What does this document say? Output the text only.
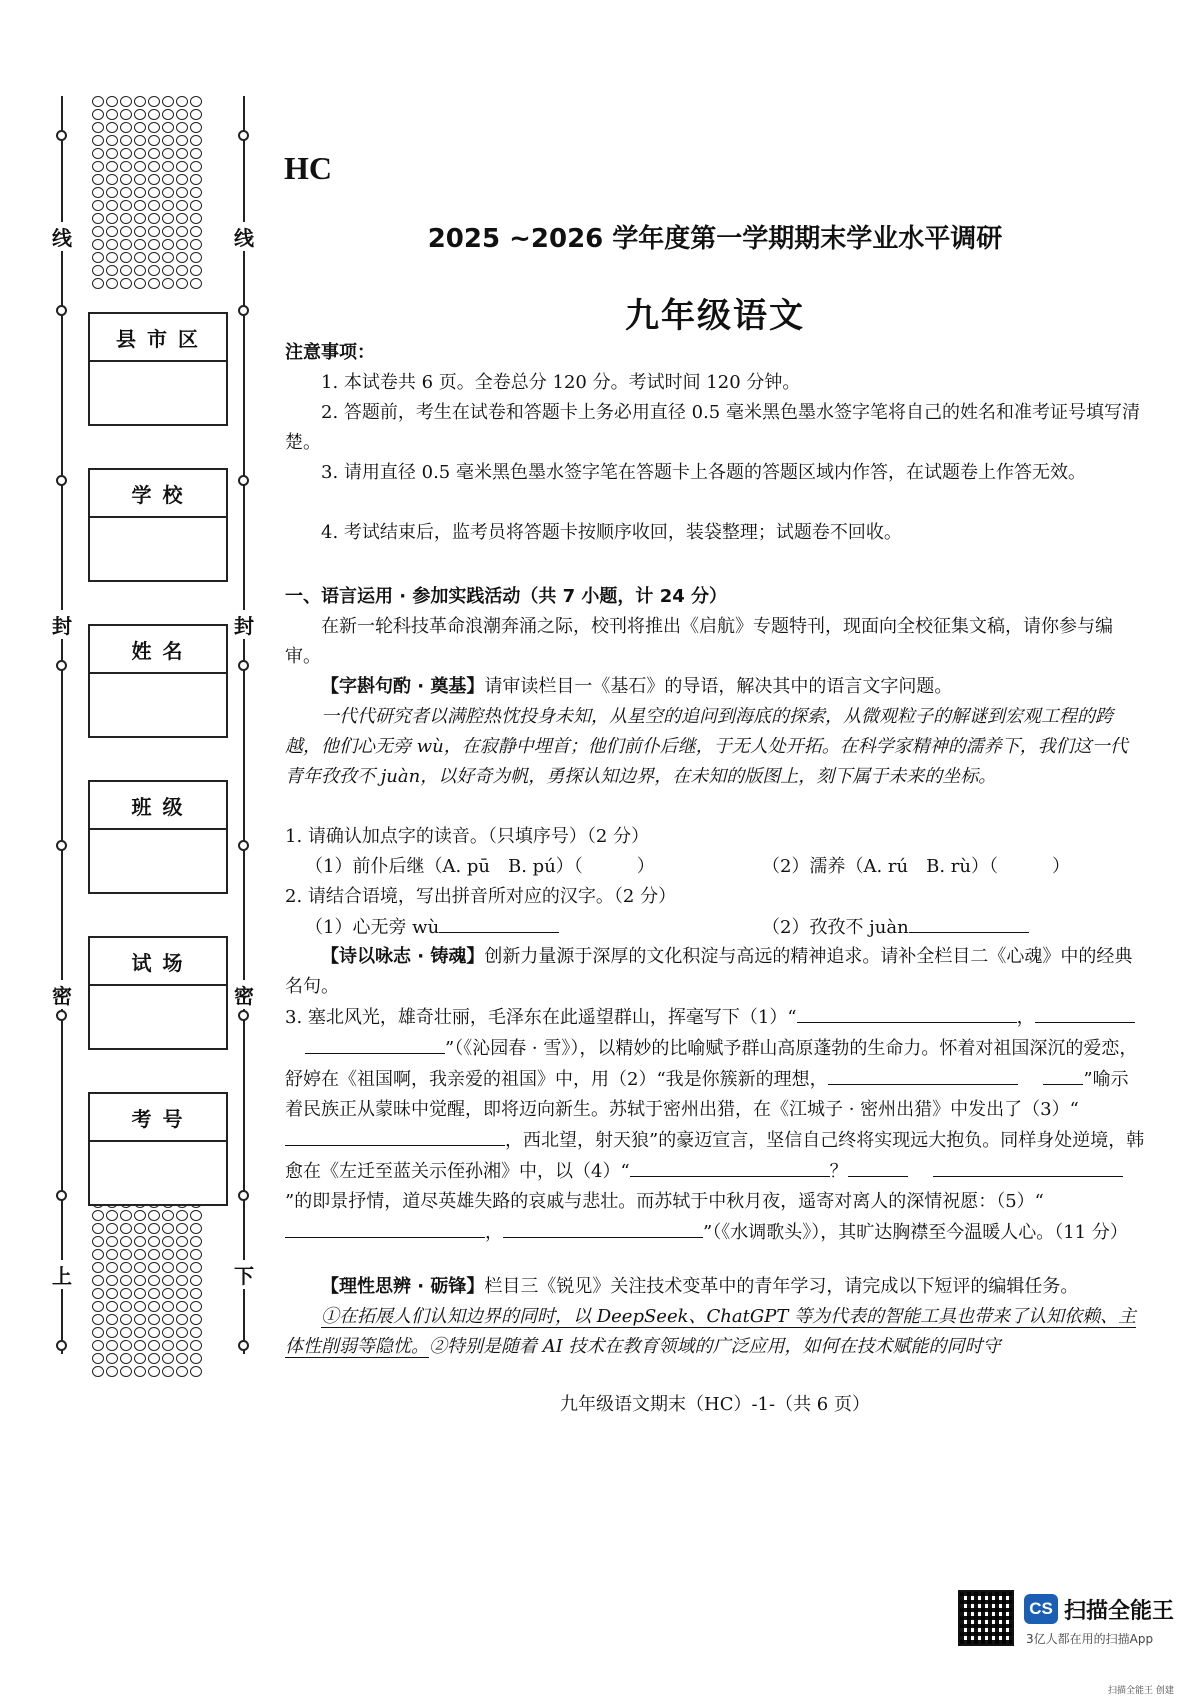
线
封
密
上
线
封
密
下
县 市 区
学 校
姓 名
班 级
试 场
考 号
HC
2025 ~2026 学年度第一学期期末学业水平调研
九年级语文
注意事项：
1. 本试卷共 6 页。全卷总分 120 分。考试时间 120 分钟。
2. 答题前，考生在试卷和答题卡上务必用直径 0.5 毫米黑色墨水签字笔将自己的姓名和准考证号填写清楚。
3. 请用直径 0.5 毫米黑色墨水签字笔在答题卡上各题的答题区域内作答，在试题卷上作答无效。
4. 考试结束后，监考员将答题卡按顺序收回，装袋整理；试题卷不回收。
一、语言运用 · 参加实践活动（共 7 小题，计 24 分）
在新一轮科技革命浪潮奔涌之际，校刊将推出《启航》专题特刊，现面向全校征集文稿，请你参与编审。
【字斟句酌 · 奠基】请审读栏目一《基石》的导语，解决其中的语言文字问题。
一代代研究者以满腔热忱投身未知，从星空的追问到海底的探索，从微观粒子的解谜到宏观工程的跨越，他们心无旁 wù，在寂静中埋首；他们前仆后继，于无人处开拓。在科学家精神的濡养下，我们这一代青年孜孜不 juàn，以好奇为帆，勇探认知边界，在未知的版图上，刻下属于未来的坐标。
1. 请确认加点字的读音。（只填序号）（2 分）
（1）前仆后继（A. pū　B. pú）（　　　）	（2）濡养（A. rú　B. rù）（　　　）
2. 请结合语境，写出拼音所对应的汉字。（2 分）
（1）心无旁 wù	（2）孜孜不 juàn
【诗以咏志 · 铸魂】创新力量源于深厚的文化积淀与高远的精神追求。请补全栏目二《心魂》中的经典名句。
3. 塞北风光，雄奇壮丽，毛泽东在此遥望群山，挥毫写下（1）“	， ”（《沁园春 · 雪》），以精妙的比喻赋予群山高原蓬勃的生命力。怀着对祖国深沉的爱恋，舒婷在《祖国啊，我亲爱的祖国》中，用（2）“我是你簇新的理想，	”喻示着民族正从蒙昧中觉醒，即将迈向新生。苏轼于密州出猎，在《江城子 · 密州出猎》中发出了（3）“，西北望，射天狼”的豪迈宣言，坚信自己终将实现远大抱负。同样身处逆境，韩愈在《左迁至蓝关示侄孙湘》中，以（4）“	？ ”的即景抒情，道尽英雄失路的哀戚与悲壮。而苏轼于中秋月夜，遥寄对离人的深情祝愿：（5）“，	”（《水调歌头》），其旷达胸襟至今温暖人心。（11 分）
【理性思辨 · 砺锋】栏目三《锐见》关注技术变革中的青年学习，请完成以下短评的编辑任务。
①在拓展人们认知边界的同时，以 DeepSeek、ChatGPT 等为代表的智能工具也带来了认知依赖、主体性削弱等隐忧。②特别是随着 AI 技术在教育领域的广泛应用，如何在技术赋能的同时守
九年级语文期末（HC）-1-（共 6 页）
CS 扫描全能王
3亿人都在用的扫描App
扫描全能王 创建
